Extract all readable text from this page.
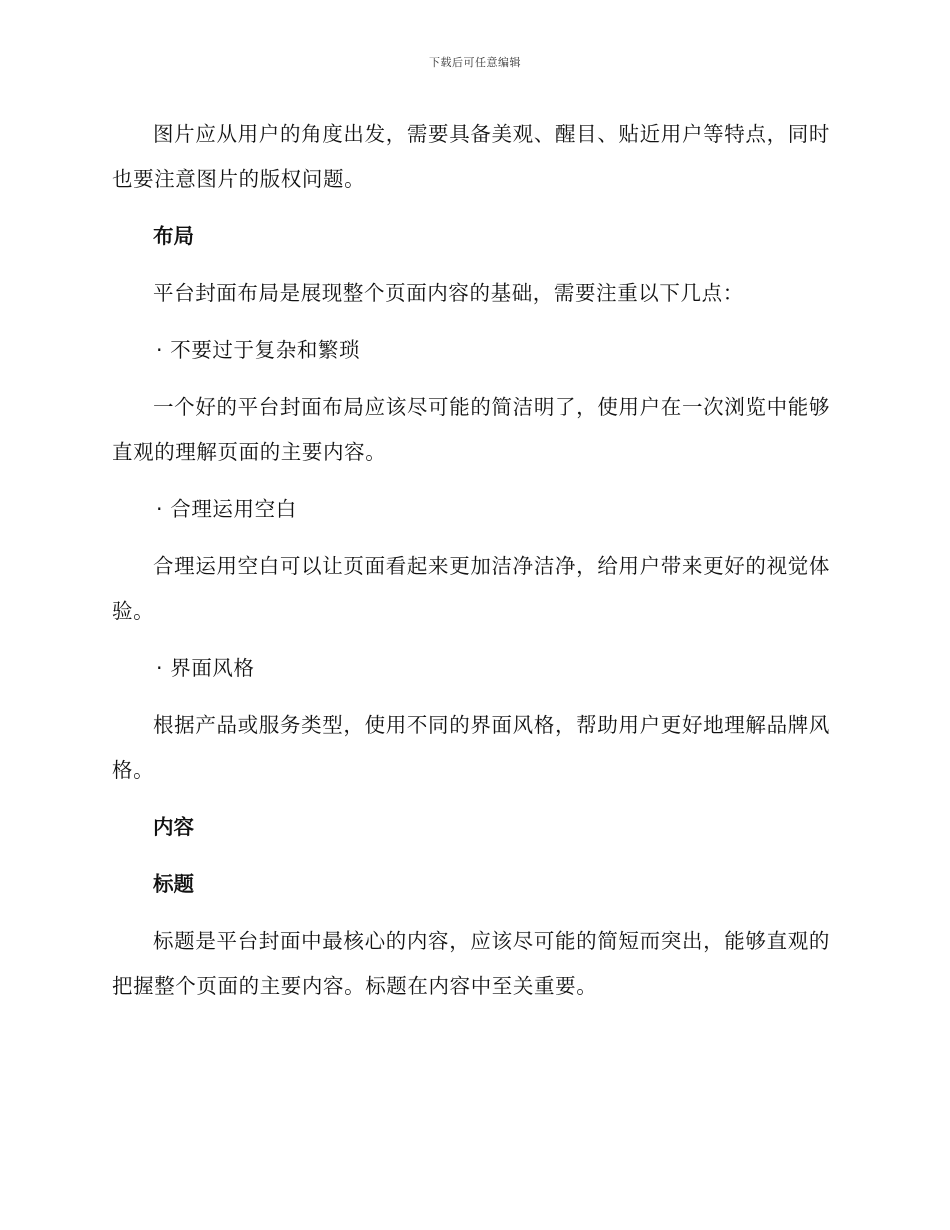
下载后可任意编辑
图片应从用户的角度出发，需要具备美观、醒目、贴近用户等特点，同时也要注意图片的版权问题。
布局
平台封面布局是展现整个页面内容的基础，需要注重以下几点：
· 不要过于复杂和繁琐
一个好的平台封面布局应该尽可能的简洁明了，使用户在一次浏览中能够直观的理解页面的主要内容。
· 合理运用空白
合理运用空白可以让页面看起来更加洁净洁净，给用户带来更好的视觉体验。
· 界面风格
根据产品或服务类型，使用不同的界面风格，帮助用户更好地理解品牌风格。
内容
标题
标题是平台封面中最核心的内容，应该尽可能的简短而突出，能够直观的把握整个页面的主要内容。标题在内容中至关重要。
